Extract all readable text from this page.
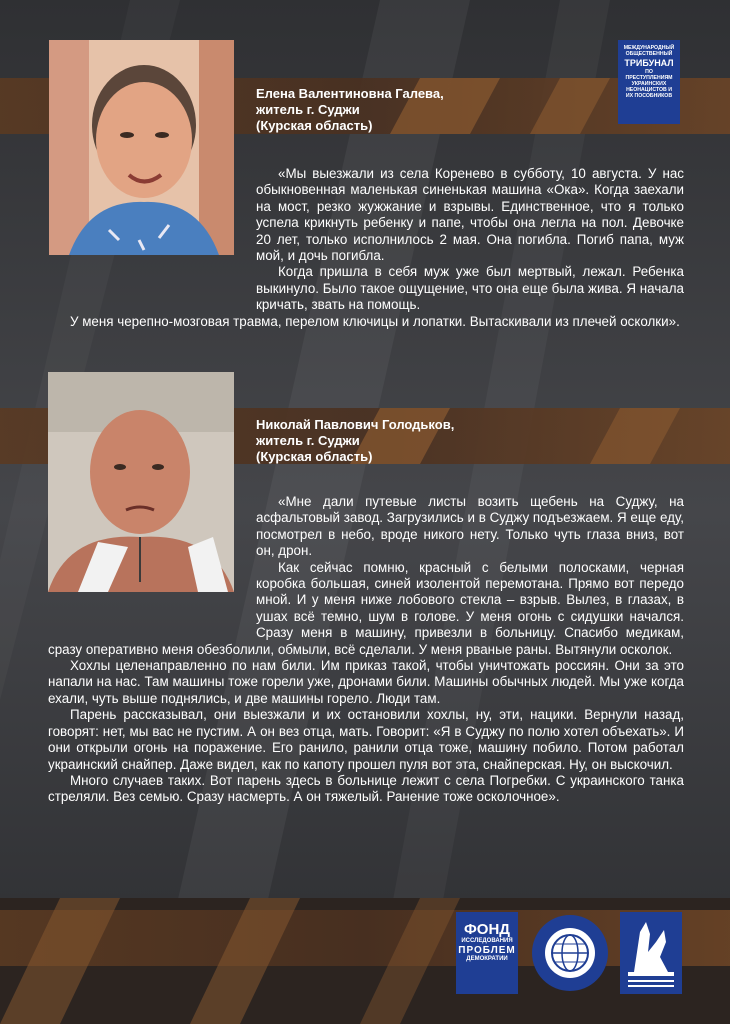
МЕЖДУНАРОДНЫЙ
ОБЩЕСТВЕННЫЙ
ТРИБУНАЛ
ПО ПРЕСТУПЛЕНИЯМ
УКРАИНСКИХ
НЕОНАЦИСТОВ И
ИХ ПОСОБНИКОВ
Елена Валентиновна Галева,
житель г. Суджи
(Курская область)

«Мы выезжали из села Коренево в субботу, 10 августа. У нас обыкновенная маленькая синенькая машина «Ока». Когда заехали на мост, резко жужжание и взрывы. Единственное, что я только успела крикнуть ребенку и папе, чтобы она легла на пол. Девочке 20 лет, только исполнилось 2 мая. Она погибла. Погиб папа, муж мой, и дочь погибла.

Когда пришла в себя муж уже был мертвый, лежал. Ребенка выкинуло. Было такое ощущение, что она еще была жива. Я начала кричать, звать на помощь.

У меня черепно-мозговая травма, перелом ключицы и лопатки. Вытаскивали из плечей осколки».

Николай Павлович Голодьков,
житель г. Суджи
(Курская область)

«Мне дали путевые листы возить щебень на Суджу, на асфальтовый завод. Загрузились и в Суджу подъезжаем. Я еще еду, посмотрел в небо, вроде никого нету. Только чуть глаза вниз, вот он, дрон.

Как сейчас помню, красный с белыми полосками, черная коробка большая, синей изолентой перемотана. Прямо вот передо мной. И у меня ниже лобового стекла – взрыв. Вылез, в глазах, в ушах всё темно, шум в голове. У меня огонь с сидушки начался. Сразу меня в машину, привезли в больницу. Спасибо медикам, сразу оперативно меня обезболили, обмыли, всё сделали. У меня рваные раны. Вытянули осколок.

Хохлы целенаправленно по нам били. Им приказ такой, чтобы уничтожать россиян. Они за это напали на нас. Там машины тоже горели уже, дронами били. Машины обычных людей. Мы уже когда ехали, чуть выше поднялись, и две машины горело. Люди там.

Парень рассказывал, они выезжали и их остановили хохлы, ну, эти, нацики. Вернули назад, говорят: нет, мы вас не пустим. А он вез отца, мать. Говорит: «Я в Суджу по полю хотел объехать». И они открыли огонь на поражение. Его ранило, ранили отца тоже, машину побило. Потом работал украинский снайпер. Даже видел, как по капоту прошел пуля вот эта, снайперская. Ну, он выскочил.

Много случаев таких. Вот парень здесь в больнице лежит с села Погребки. С украинского танка стреляли. Вез семью. Сразу насмерть. А он тяжелый. Ранение тоже осколочное».

ФОНД
ИССЛЕДОВАНИЯ
ПРОБЛЕМ
ДЕМОКРАТИИ
